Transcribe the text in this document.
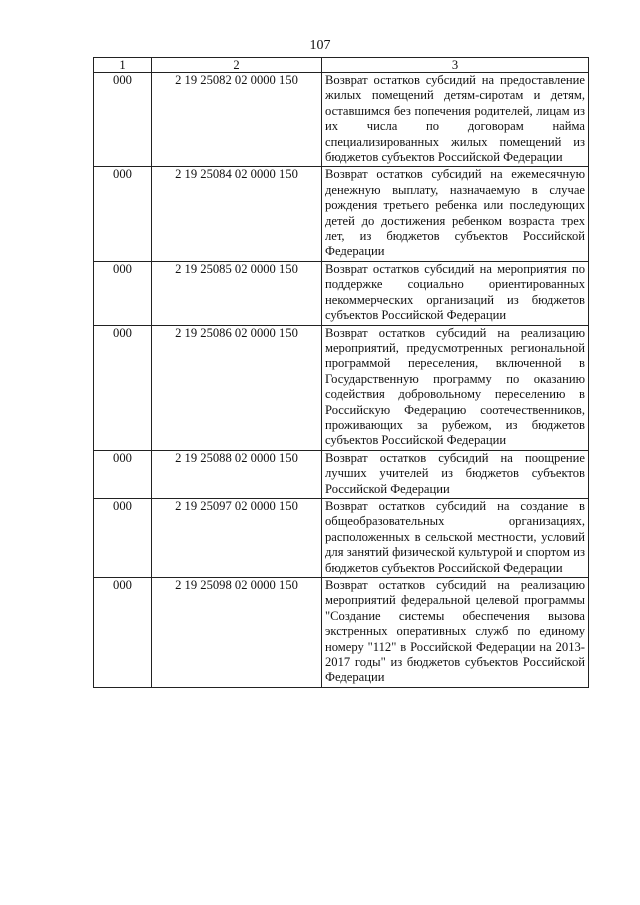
107
1	2	3
000	2 19 25082 02 0000 150	Возврат остатков субсидий на предоставление жилых помещений детям-сиротам и детям, оставшимся без попечения родителей, лицам из их числа по договорам найма специализированных жилых помещений из бюджетов субъектов Российской Федерации
000	2 19 25084 02 0000 150	Возврат остатков субсидий на ежемесячную денежную выплату, назначаемую в случае рождения третьего ребенка или последующих детей до достижения ребенком возраста трех лет, из бюджетов субъектов Российской Федерации
000	2 19 25085 02 0000 150	Возврат остатков субсидий на мероприятия по поддержке социально ориентированных некоммерческих организаций из бюджетов субъектов Российской Федерации
000	2 19 25086 02 0000 150	Возврат остатков субсидий на реализацию мероприятий, предусмотренных региональной программой переселения, включенной в Государственную программу по оказанию содействия добровольному переселению в Российскую Федерацию соотечественников, проживающих за рубежом, из бюджетов субъектов Российской Федерации
000	2 19 25088 02 0000 150	Возврат остатков субсидий на поощрение лучших учителей из бюджетов субъектов Российской Федерации
000	2 19 25097 02 0000 150	Возврат остатков субсидий на создание в общеобразовательных организациях, расположенных в сельской местности, условий для занятий физической культурой и спортом из бюджетов субъектов Российской Федерации
000	2 19 25098 02 0000 150	Возврат остатков субсидий на реализацию мероприятий федеральной целевой программы "Создание системы обеспечения вызова экстренных оперативных служб по единому номеру "112" в Российской Федерации на 2013-2017 годы" из бюджетов субъектов Российской Федерации
